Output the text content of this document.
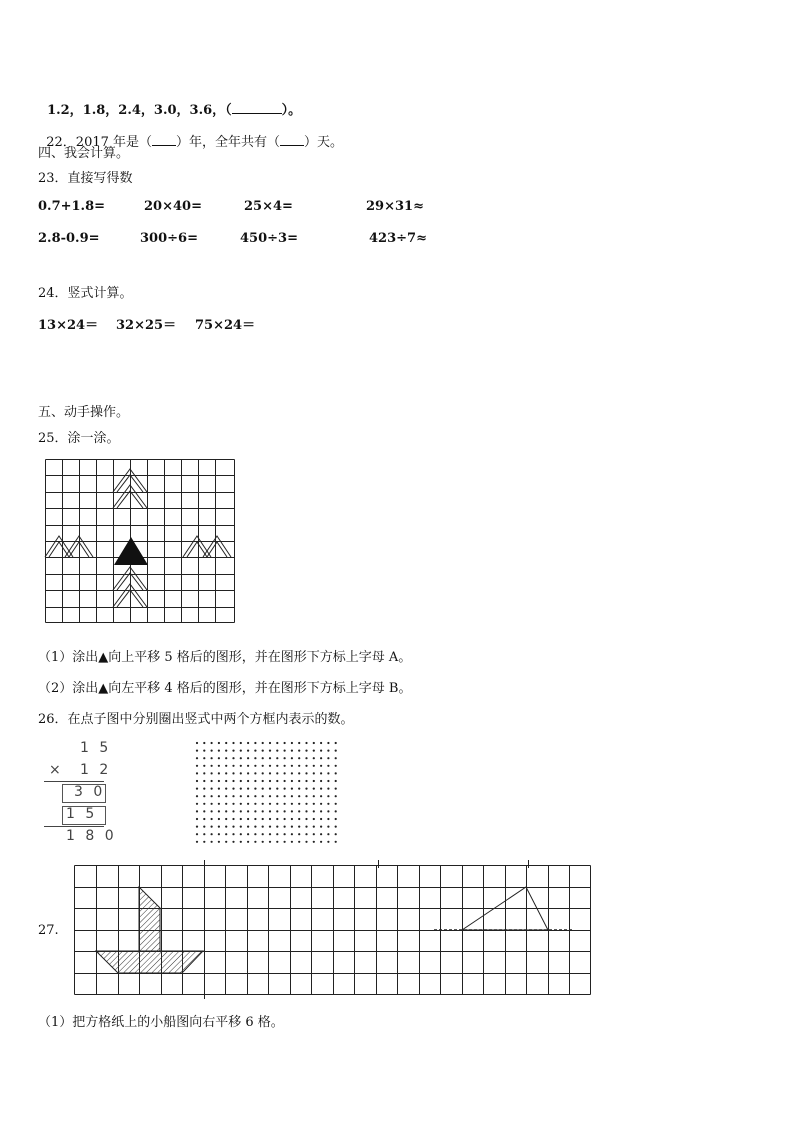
1.2，1.8，2.4，3.0，3.6，（	）。

22．2017 年是（ ）年，全年共有（ ）天。

四、我会计算。
23．直接写得数
0.7+1.8=	20×40=	25×4=	29×31≈
2.8-0.9=	300÷6=	450÷3=	423÷7≈
24．竖式计算。
13×24＝ 32×25＝ 75×24＝
五、动手操作。
25．涂一涂。
（1）涂出▲向上平移 5 格后的图形，并在图形下方标上字母 A。
（2）涂出▲向左平移 4 格后的图形，并在图形下方标上字母 B。
26．在点子图中分别圈出竖式中两个方框内表示的数。
1 5
× 1 2
3 0
1 5
1 8 0
27.
（1）把方格纸上的小船图向右平移 6 格。
